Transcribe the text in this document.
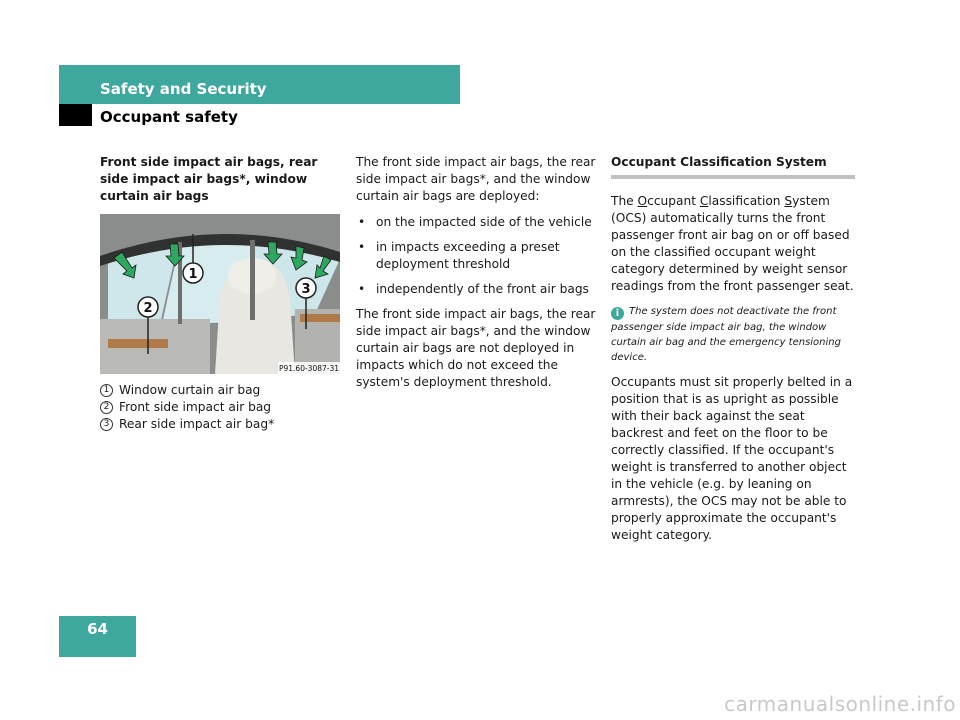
Safety and Security
Occupant safety

Front side impact air bags, rear side impact air bags*, window curtain air bags

1
2
3
P91.60-3087-31
1 Window curtain air bag
2 Front side impact air bag
3 Rear side impact air bag*

The front side impact air bags, the rear side impact air bags*, and the window curtain air bags are deployed:

• on the impacted side of the vehicle
• in impacts exceeding a preset deployment threshold
• independently of the front air bags

The front side impact air bags, the rear side impact air bags*, and the window curtain air bags are not deployed in impacts which do not exceed the system's deployment threshold.

Occupant Classification System

The Occupant Classification System (OCS) automatically turns the front passenger front air bag on or off based on the classified occupant weight category determined by weight sensor readings from the front passenger seat.

i The system does not deactivate the front passenger side impact air bag, the window curtain air bag and the emergency tensioning device.

Occupants must sit properly belted in a position that is as upright as possible with their back against the seat backrest and feet on the floor to be correctly classified. If the occupant's weight is transferred to another object in the vehicle (e.g. by leaning on armrests), the OCS may not be able to properly approximate the occupant's weight category.

64
carmanualsonline.info
